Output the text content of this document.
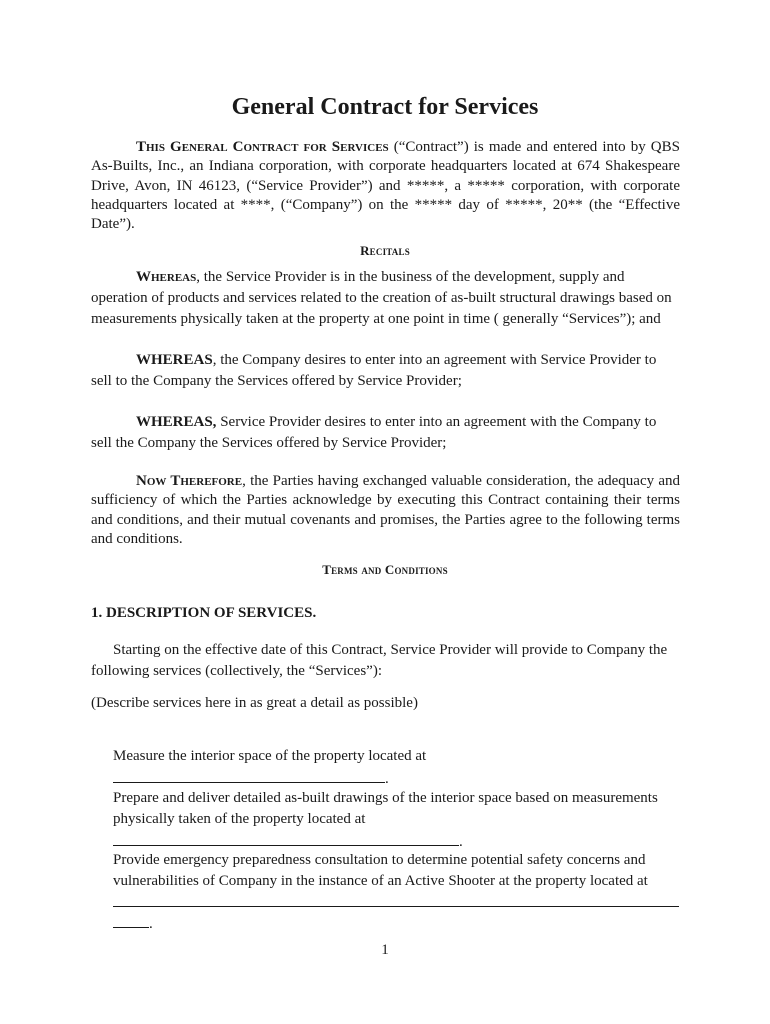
General Contract for Services
This General Contract for Services (“Contract”) is made and entered into by QBS As-Builts, Inc., an Indiana corporation, with corporate headquarters located at 674 Shakespeare Drive, Avon, IN 46123, (“Service Provider”) and *****, a ***** corporation, with corporate headquarters located at ****, (“Company”) on the ***** day of *****, 20** (the “Effective Date”).
Recitals
Whereas, the Service Provider is in the business of the development, supply and operation of products and services related to the creation of as-built structural drawings based on measurements physically taken at the property at one point in time ( generally “Services”); and
WHEREAS, the Company desires to enter into an agreement with Service Provider to sell to the Company the Services offered by Service Provider;
WHEREAS, Service Provider desires to enter into an agreement with the Company to sell the Company the Services offered by Service Provider;
Now Therefore, the Parties having exchanged valuable consideration, the adequacy and sufficiency of which the Parties acknowledge by executing this Contract containing their terms and conditions, and their mutual covenants and promises, the Parties agree to the following terms and conditions.
Terms and Conditions
1. DESCRIPTION OF SERVICES.
Starting on the effective date of this Contract, Service Provider will provide to Company the following services (collectively, the “Services”):
(Describe services here in as great a detail as possible)
Measure the interior space of the property located at
.
Prepare and deliver detailed as-built drawings of the interior space based on measurements physically taken of the property located at
.
Provide emergency preparedness consultation to determine potential safety concerns and vulnerabilities of Company in the instance of an Active Shooter at the property located at
.
1
